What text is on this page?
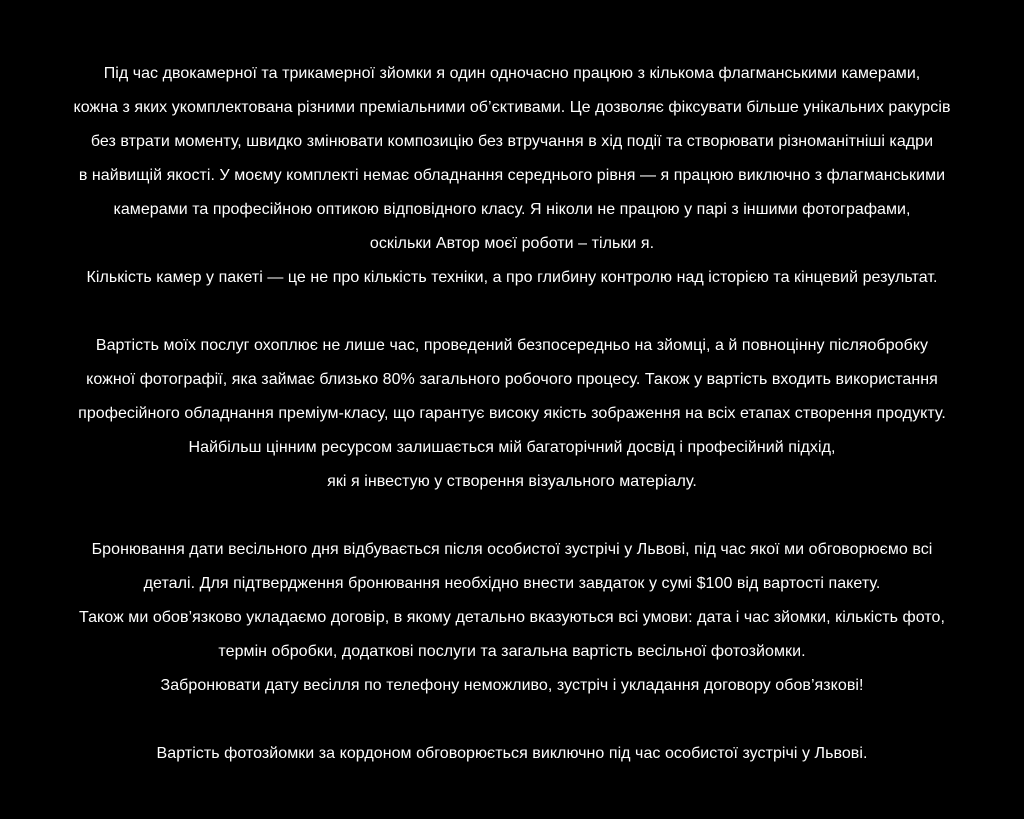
Під час двокамерної та трикамерної зйомки я один одночасно працюю з кількома флагманськими камерами,
кожна з яких укомплектована різними преміальними об’єктивами. Це дозволяє фіксувати більше унікальних ракурсів
без втрати моменту, швидко змінювати композицію без втручання в хід події та створювати різноманітніші кадри
в найвищій якості. У моєму комплекті немає обладнання середнього рівня — я працюю виключно з флагманськими
камерами та професійною оптикою відповідного класу. Я ніколи не працюю у парі з іншими фотографами,
оскільки Автор моєї роботи – тільки я.
Кількість камер у пакеті — це не про кількість техніки, а про глибину контролю над історією та кінцевий результат.
Вартість моїх послуг охоплює не лише час, проведений безпосередньо на зйомці, а й повноцінну післяобробку
кожної фотографії, яка займає близько 80% загального робочого процесу. Також у вартість входить використання
професійного обладнання преміум-класу, що гарантує високу якість зображення на всіх етапах створення продукту.
Найбільш цінним ресурсом залишається мій багаторічний досвід і професійний підхід,
які я інвестую у створення візуального матеріалу.
Бронювання дати весільного дня відбувається після особистої зустрічі у Львові, під час якої ми обговорюємо всі
деталі. Для підтвердження бронювання необхідно внести завдаток у сумі $100 від вартості пакету.
Також ми обов’язково укладаємо договір, в якому детально вказуються всі умови: дата і час зйомки, кількість фото,
термін обробки, додаткові послуги та загальна вартість весільної фотозйомки.
Забронювати дату весілля по телефону неможливо, зустріч і укладання договору обов’язкові!
Вартість фотозйомки за кордоном обговорюється виключно під час особистої зустрічі у Львові.
